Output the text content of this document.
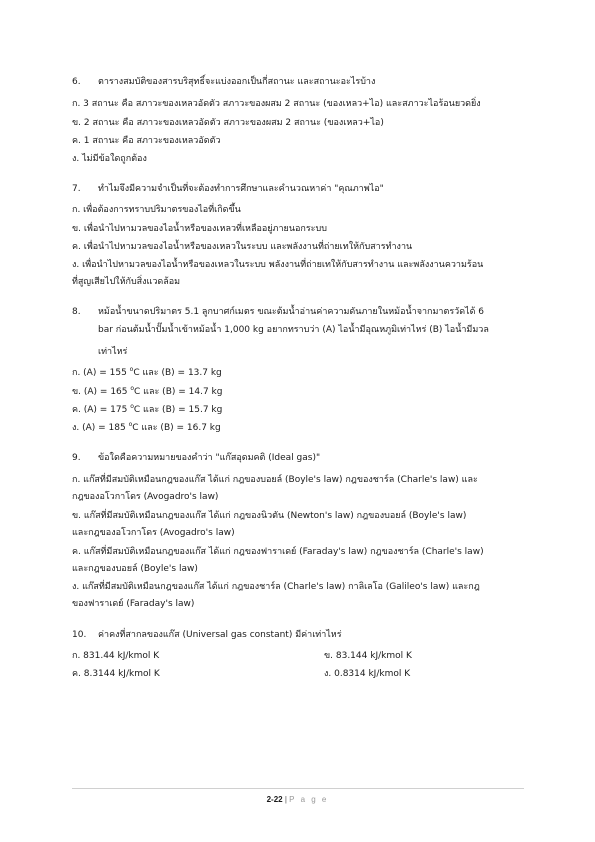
6.	ตารางสมบัติของสารบริสุทธิ์จะแบ่งออกเป็นกี่สถานะ และสถานะอะไรบ้าง
ก. 3 สถานะ คือ สภาวะของเหลวอัดตัว สภาวะของผสม 2 สถานะ (ของเหลว+ไอ) และสภาวะไอร้อนยวดยิ่ง
ข. 2 สถานะ คือ สภาวะของเหลวอัดตัว สภาวะของผสม 2 สถานะ (ของเหลว+ไอ)
ค. 1 สถานะ คือ สภาวะของเหลวอัดตัว
ง. ไม่มีข้อใดถูกต้อง
7.	ทำไมจึงมีความจำเป็นที่จะต้องทำการศึกษาและคำนวณหาค่า "คุณภาพไอ"
ก. เพื่อต้องการทราบปริมาตรของไอที่เกิดขึ้น
ข. เพื่อนำไปหามวลของไอน้ำหรือของเหลวที่เหลืออยู่ภายนอกระบบ
ค. เพื่อนำไปหามวลของไอน้ำหรือของเหลวในระบบ และพลังงานที่ถ่ายเทให้กับสารทำงาน
ง. เพื่อนำไปหามวลของไอน้ำหรือของเหลวในระบบ พลังงานที่ถ่ายเทให้กับสารทำงาน และพลังงานความร้อน
ที่สูญเสียไปให้กับสิ่งแวดล้อม
8.	หม้อน้ำขนาดปริมาตร 5.1 ลูกบาศก์เมตร ขณะต้มน้ำอ่านค่าความดันภายในหม้อน้ำจากมาตรวัดได้ 6
bar ก่อนต้มน้ำปั๊มน้ำเข้าหม้อน้ำ 1,000 kg อยากทราบว่า (A) ไอน้ำมีอุณหภูมิเท่าไหร่ (B) ไอน้ำมีมวล
เท่าไหร่
ก. (A) = 155 $^o$C และ (B) = 13.7 kg
ข. (A) = 165 $^o$C และ (B) = 14.7 kg
ค. (A) = 175 $^o$C และ (B) = 15.7 kg
ง. (A) = 185 $^o$C และ (B) = 16.7 kg
9.	ข้อใดคือความหมายของคำว่า "แก๊สอุดมคติ (Ideal gas)"
ก. แก๊สที่มีสมบัติเหมือนกฎของแก๊ส ได้แก่ กฎของบอยล์ (Boyle's law) กฎของชาร์ล (Charle's law) และ
กฎของอโวกาโดร (Avogadro's law)
ข. แก๊สที่มีสมบัติเหมือนกฎของแก๊ส ได้แก่ กฎของนิวตัน (Newton's law) กฎของบอยล์ (Boyle's law)
และกฎของอโวกาโดร (Avogadro's law)
ค. แก๊สที่มีสมบัติเหมือนกฎของแก๊ส ได้แก่ กฎของฟาราเดย์ (Faraday's law) กฎของชาร์ล (Charle's law)
และกฎของบอยล์ (Boyle's law)
ง. แก๊สที่มีสมบัติเหมือนกฎของแก๊ส ได้แก่ กฎของชาร์ล (Charle's law) กาลิเลโอ (Galileo's law) และกฎ
ของฟาราเดย์ (Faraday's law)
10.	ค่าคงที่สากลของแก๊ส (Universal gas constant) มีค่าเท่าไหร่
ก. 831.44 kJ/kmol K	ข. 83.144 kJ/kmol K
ค. 8.3144 kJ/kmol K	ง. 0.8314 kJ/kmol K
2-22 | P a g e
